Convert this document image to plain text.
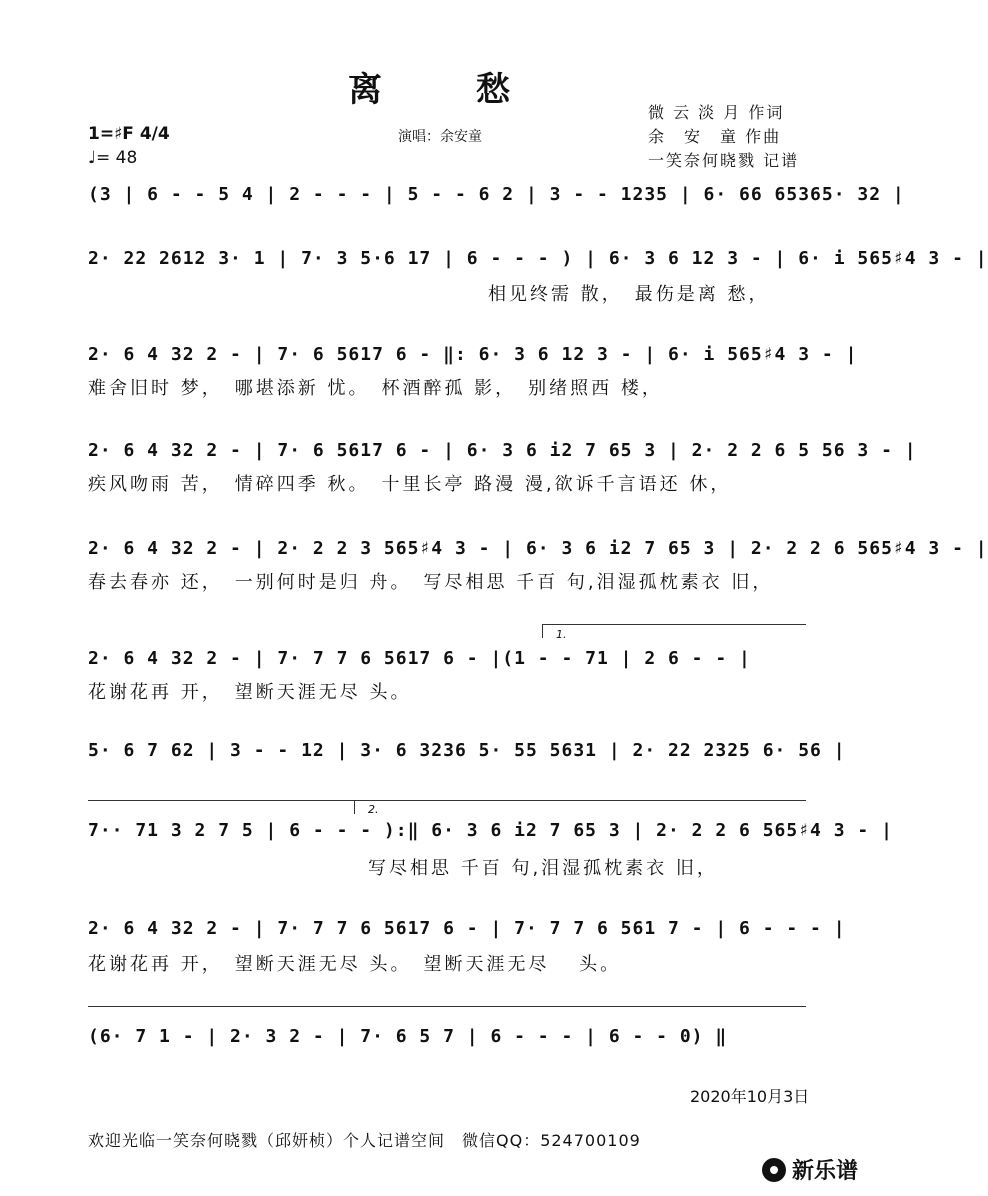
离　愁
1=♯F 4/4
♩= 48
演唱：余安童
微 云 淡 月 作词
余　安　童 作曲
一笑奈何晓戮 记谱
(3 | 6 - - 5 4 | 2 - - - | 5 - - 6 2 | 3 - - 1235 | 6· 66 65365· 32 |
2· 22 2612 3· 1 | 7· 3 5·6 17 | 6 - - - ) | 6· 3 6 12 3 - | 6· i 565♯4 3 - |
相见终需 散，　最伤是离 愁，
2· 6 4 32 2 - | 7· 6 5617 6 - ‖: 6· 3 6 12 3 - | 6· i 565♯4 3 - |
难舍旧时 梦，　哪堪添新 忧。　杯酒醉孤 影，　别绪照西 楼，
2· 6 4 32 2 - | 7· 6 5617 6 - | 6· 3 6 i2 7 65 3 | 2· 2 2 6 5 56 3 - |
疾风吻雨 苦，　情碎四季 秋。　十里长亭 路漫 漫,欲诉千言语还 休，
2· 6 4 32 2 - | 2· 2 2 3 565♯4 3 - | 6· 3 6 i2 7 65 3 | 2· 2 2 6 565♯4 3 - |
春去春亦 还，　一别何时是归 舟。　写尽相思 千百 句,泪湿孤枕素衣 旧，
1.
2· 6 4 32 2 - | 7· 7 7 6 5617 6 - |(1 - - 71 | 2 6 - - |
花谢花再 开，　望断天涯无尽 头。
5· 6 7 62 | 3 - - 12 | 3· 6 3236 5· 55 5631 | 2· 22 2325 6· 56 |
2.
7·· 71 3 2 7 5 | 6 - - - ):‖ 6· 3 6 i2 7 65 3 | 2· 2 2 6 565♯4 3 - |
写尽相思 千百 句,泪湿孤枕素衣 旧，
2· 6 4 32 2 - | 7· 7 7 6 5617 6 - | 7· 7 7 6 561 7 - | 6 - - - |
花谢花再 开，　望断天涯无尽 头。　望断天涯无尽　 头。
(6· 7 1 - | 2· 3 2 - | 7· 6 5 7 | 6 - - - | 6 - - 0) ‖
2020年10月3日
欢迎光临一笑奈何晓戮（邱妍桢）个人记谱空间　微信QQ：524700109
新乐谱
